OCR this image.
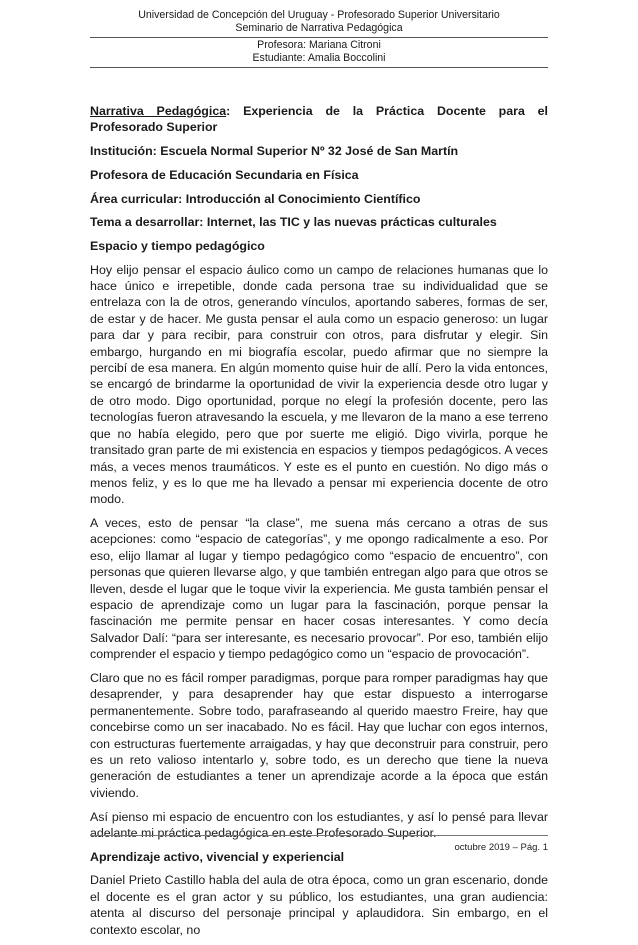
Universidad de Concepción del Uruguay - Profesorado Superior Universitario
Seminario de Narrativa Pedagógica
Profesora: Mariana Citroni
Estudiante: Amalia Boccolini

Narrativa Pedagógica: Experiencia de la Práctica Docente para el Profesorado Superior

Institución: Escuela Normal Superior Nº 32 José de San Martín

Profesora de Educación Secundaria en Física

Área curricular: Introducción al Conocimiento Científico

Tema a desarrollar: Internet, las TIC y las nuevas prácticas culturales

Espacio y tiempo pedagógico

Hoy elijo pensar el espacio áulico como un campo de relaciones humanas que lo hace único e irrepetible, donde cada persona trae su individualidad que se entrelaza con la de otros, generando vínculos, aportando saberes, formas de ser, de estar y de hacer. Me gusta pensar el aula como un espacio generoso: un lugar para dar y para recibir, para construir con otros, para disfrutar y elegir. Sin embargo, hurgando en mi biografía escolar, puedo afirmar que no siempre la percibí de esa manera. En algún momento quise huir de allí. Pero la vida entonces, se encargó de brindarme la oportunidad de vivir la experiencia desde otro lugar y de otro modo. Digo oportunidad, porque no elegí la profesión docente, pero las tecnologías fueron atravesando la escuela, y me llevaron de la mano a ese terreno que no había elegido, pero que por suerte me eligió. Digo vivirla, porque he transitado gran parte de mi existencia en espacios y tiempos pedagógicos. A veces más, a veces menos traumáticos. Y este es el punto en cuestión. No digo más o menos feliz, y es lo que me ha llevado a pensar mi experiencia docente de otro modo.

A veces, esto de pensar “la clase”, me suena más cercano a otras de sus acepciones: como “espacio de categorías”, y me opongo radicalmente a eso. Por eso, elijo llamar al lugar y tiempo pedagógico como “espacio de encuentro”, con personas que quieren llevarse algo, y que también entregan algo para que otros se lleven, desde el lugar que le toque vivir la experiencia. Me gusta también pensar el espacio de aprendizaje como un lugar para la fascinación, porque pensar la fascinación me permite pensar en hacer cosas interesantes. Y como decía Salvador Dalí: “para ser interesante, es necesario provocar”. Por eso, también elijo comprender el espacio y tiempo pedagógico como un “espacio de provocación”.

Claro que no es fácil romper paradigmas, porque para romper paradigmas hay que desaprender, y para desaprender hay que estar dispuesto a interrogarse permanentemente. Sobre todo, parafraseando al querido maestro Freire, hay que concebirse como un ser inacabado. No es fácil. Hay que luchar con egos internos, con estructuras fuertemente arraigadas, y hay que deconstruir para construir, pero es un reto valioso intentarlo y, sobre todo, es un derecho que tiene la nueva generación de estudiantes a tener un aprendizaje acorde a la época que están viviendo.

Así pienso mi espacio de encuentro con los estudiantes, y así lo pensé para llevar adelante mi práctica pedagógica en este Profesorado Superior.

Aprendizaje activo, vivencial y experiencial

Daniel Prieto Castillo habla del aula de otra época, como un gran escenario, donde el docente es el gran actor y su público, los estudiantes, una gran audiencia: atenta al discurso del personaje principal y aplaudidora. Sin embargo, en el contexto escolar, no

octubre 2019 – Pág. 1
